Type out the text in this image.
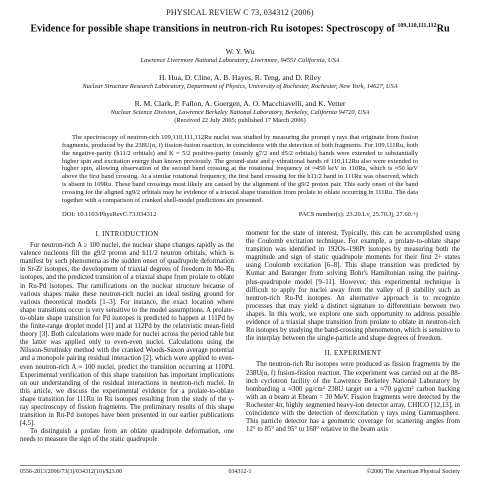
PHYSICAL REVIEW C 73, 034312 (2006)
Evidence for possible shape transitions in neutron-rich Ru isotopes: Spectroscopy of $^{109,110,111,112}$Ru
W. Y. Wu
Lawrence Livermore National Laboratory, Livermore, 94551 California, USA
H. Hua, D. Cline, A. B. Hayes, R. Teng, and D. Riley
Nuclear Structure Research Laboratory, Department of Physics, University of Rochester, Rochester, New York, 14627, USA
R. M. Clark, P. Fallon, A. Goergen, A. O. Macchiavelli, and K. Vetter
Nuclear Science Division, Lawrence Berkeley National Laboratory, Berkeley, California 94720, USA
(Received 22 July 2005; published 17 March 2006)
The spectroscopy of neutron-rich 109,110,111,112Ru nuclei was studied by measuring the prompt γ rays that originate from fission fragments, produced by the 238U(α, f) fission-fusion reaction, in coincidence with the detection of both fragments. For 109,111Ru, both the negative-parity (h11/2 orbitals) and K = 5/2 positive-parity (mainly g7/2 and d5/2 orbitals) bands were extended to substantially higher spin and excitation energy than known previously. The ground-state and γ-vibrational bands of 110,112Ru also were extended to higher spin, allowing observation of the second band crossing at the rotational frequency of ≈450 keV in 110Ru, which is ≈50 keV above the first band crossing. At a similar rotational frequency, the first band crossing for the h11/2 band in 111Ru was observed, which is absent in 109Ru. These band crossings most likely are caused by the alignment of the g9/2 proton pair. This early onset of the band crossing for the aligned πg9/2 orbitals may be evidence of a triaxial shape transition from prolate to oblate occurring in 111Ru. The data together with a comparison of cranked shell-model predictions are presented.
DOI: 10.1103/PhysRevC.73.034312	PACS number(s): 23.20.Lv, 25.70.Jj, 27.60.+j
I. INTRODUCTION

For neutron-rich A ≥ 100 nuclei, the nuclear shape changes rapidly as the valence nucleons fill the g9/2 proton and h11/2 neutron orbitals, which is manifest by such phenomena as the sudden onset of quadrupole deformation in Sr-Zr isotopes, the development of triaxial degrees of freedom in Mo-Ru isotopes, and the predicted transition of a triaxial shape from prolate to oblate in Ru-Pd isotopes. The ramifications on the nuclear structure because of various shapes make these neutron-rich nuclei an ideal testing ground for various theoretical models [1–3]. For instance, the exact location where shape transitions occur is very sensitive to the model assumptions. A prolate-to-oblate shape transition for Pd isotopes is predicted to happen at 111Pd by the finite-range droplet model [1] and at 112Pd by the relativistic mean-field theory [3]. Both calculations were made for nuclei across the period table but the latter was applied only to even-even nuclei. Calculations using the Nilsson-Strutinsky method with the cranked Woods-Saxon average potential and a monopole pairing residual interaction [2], which were applied to even-even neutron-rich A ≈ 100 nuclei, predict the transition occurring at 110Pd. Experimental verification of this shape transition has important implications on our understanding of the residual interactions in neutron-rich nuclei. In this article, we discuss the experimental evidence for a prolate-to-oblate shape transition for 111Ru in Ru isotopes resulting from the study of the γ-ray spectroscopy of fission fragments. The preliminary results of this shape transition in Ru-Pd isotopes have been presented in our earlier publications [4,5].

To distinguish a prolate from an oblate quadrupole deformation, one needs to measure the sign of the static quadrupole

moment for the state of interest. Typically, this can be accomplished using the Coulomb excitation technique. For example, a prolate-to-oblate shape transition was identified in 192Os–198Pt isotopes by measuring both the magnitude and sign of static quadrupole moments for their first 2+ states using Coulomb excitation [6–8]. This shape transition was predicted by Kumar and Baranger from solving Bohr's Hamiltonian using the pairing-plus-quadrupole model [9–11]. However, this experimental technique is difficult to apply for nuclei away from the valley of β stability such as neutron-rich Ru-Pd isotopes. An alternative approach is to recognize processes that may yield a distinct signature to differentiate between two shapes. In this work, we explore one such opportunity to address possible evidence of a triaxial shape transition from prolate to oblate in neutron-rich Ru isotopes by studying the band-crossing phenomenon, which is sensitive to the interplay between the single-particle and shape degrees of freedom.

II. EXPERIMENT

The neutron-rich Ru isotopes were produced as fission fragments by the 238U(α, f) fusion-fission reaction. The experiment was carried out at the 88-inch cyclotron facility of the Lawrence Berkeley National Laboratory by bombarding a ≈300 μg/cm² 238U target on a ≈70 μg/cm² carbon backing with an α beam at Ebeam = 30 MeV. Fission fragments were detected by the Rochester 4π, highly segmented heavy-ion detector array, CHICO [12,13], in coincidence with the detection of deexcitation γ rays using Gammasphere. This particle detector has a geometric coverage for scattering angles from 12° to 85° and 95° to 168° relative to the beam axis

0556-2813/2006/73(3)/034312(10)/$23.00	034312-1	©2006 The American Physical Society
